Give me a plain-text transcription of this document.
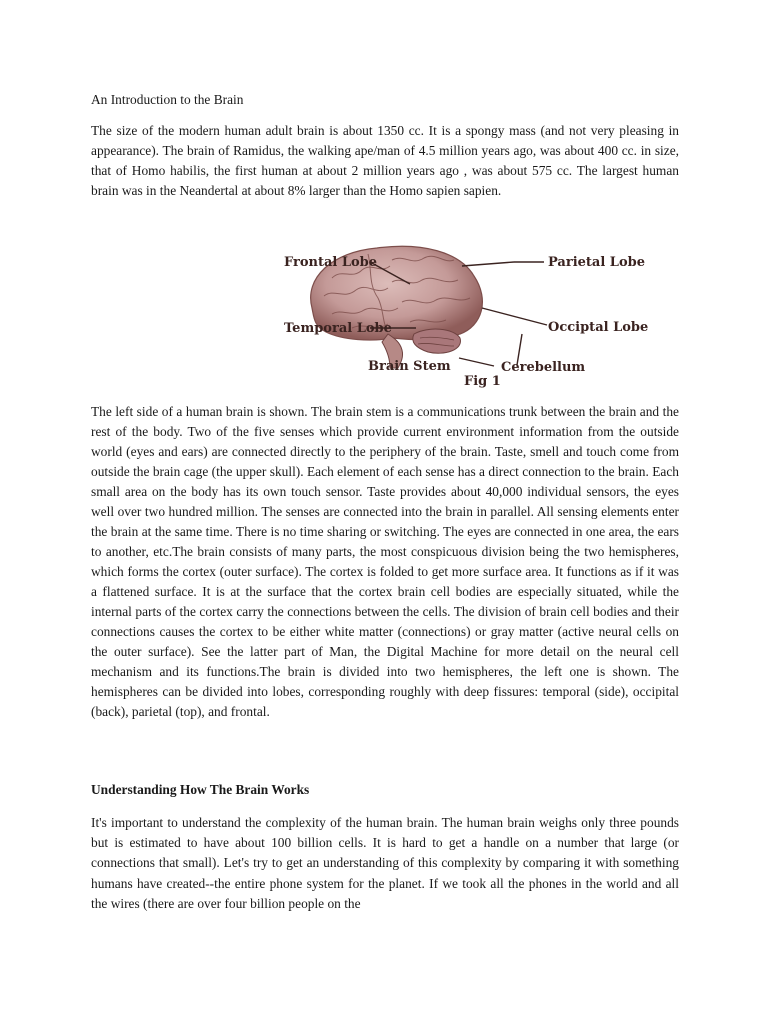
An Introduction to the Brain

The size of the modern human adult brain is about 1350 cc. It is a spongy mass (and not very pleasing in appearance). The brain of Ramidus, the walking ape/man of 4.5 million years ago, was about 400 cc. in size, that of Homo habilis, the first human at about 2 million years ago , was about 575 cc. The largest human brain was in the Neandertal at about 8% larger than the Homo sapien sapien.

Frontal Lobe	Parietal Lobe
Temporal Lobe	Occiptal Lobe
Brain Stem	Cerebellum
Fig 1

The left side of a human brain is shown. The brain stem is a communications trunk between the brain and the rest of the body. Two of the five senses which provide current environment information from the outside world (eyes and ears) are connected directly to the periphery of the brain. Taste, smell and touch come from outside the brain cage (the upper skull). Each element of each sense has a direct connection to the brain. Each small area on the body has its own touch sensor. Taste provides about 40,000 individual sensors, the eyes well over two hundred million. The senses are connected into the brain in parallel. All sensing elements enter the brain at the same time. There is no time sharing or switching. The eyes are connected in one area, the ears to another, etc.The brain consists of many parts, the most conspicuous division being the two hemispheres, which forms the cortex (outer surface). The cortex is folded to get more surface area. It functions as if it was a flattened surface. It is at the surface that the cortex brain cell bodies are especially situated, while the internal parts of the cortex carry the connections between the cells. The division of brain cell bodies and their connections causes the cortex to be either white matter (connections) or gray matter (active neural cells on the outer surface). See the latter part of Man, the Digital Machine for more detail on the neural cell mechanism and its functions.The brain is divided into two hemispheres, the left one is shown. The hemispheres can be divided into lobes, corresponding roughly with deep fissures: temporal (side), occipital (back), parietal (top), and frontal.

Understanding How The Brain Works

It's important to understand the complexity of the human brain. The human brain weighs only three pounds but is estimated to have about 100 billion cells. It is hard to get a handle on a number that large (or connections that small). Let's try to get an understanding of this complexity by comparing it with something humans have created--the entire phone system for the planet. If we took all the phones in the world and all the wires (there are over four billion people on the
